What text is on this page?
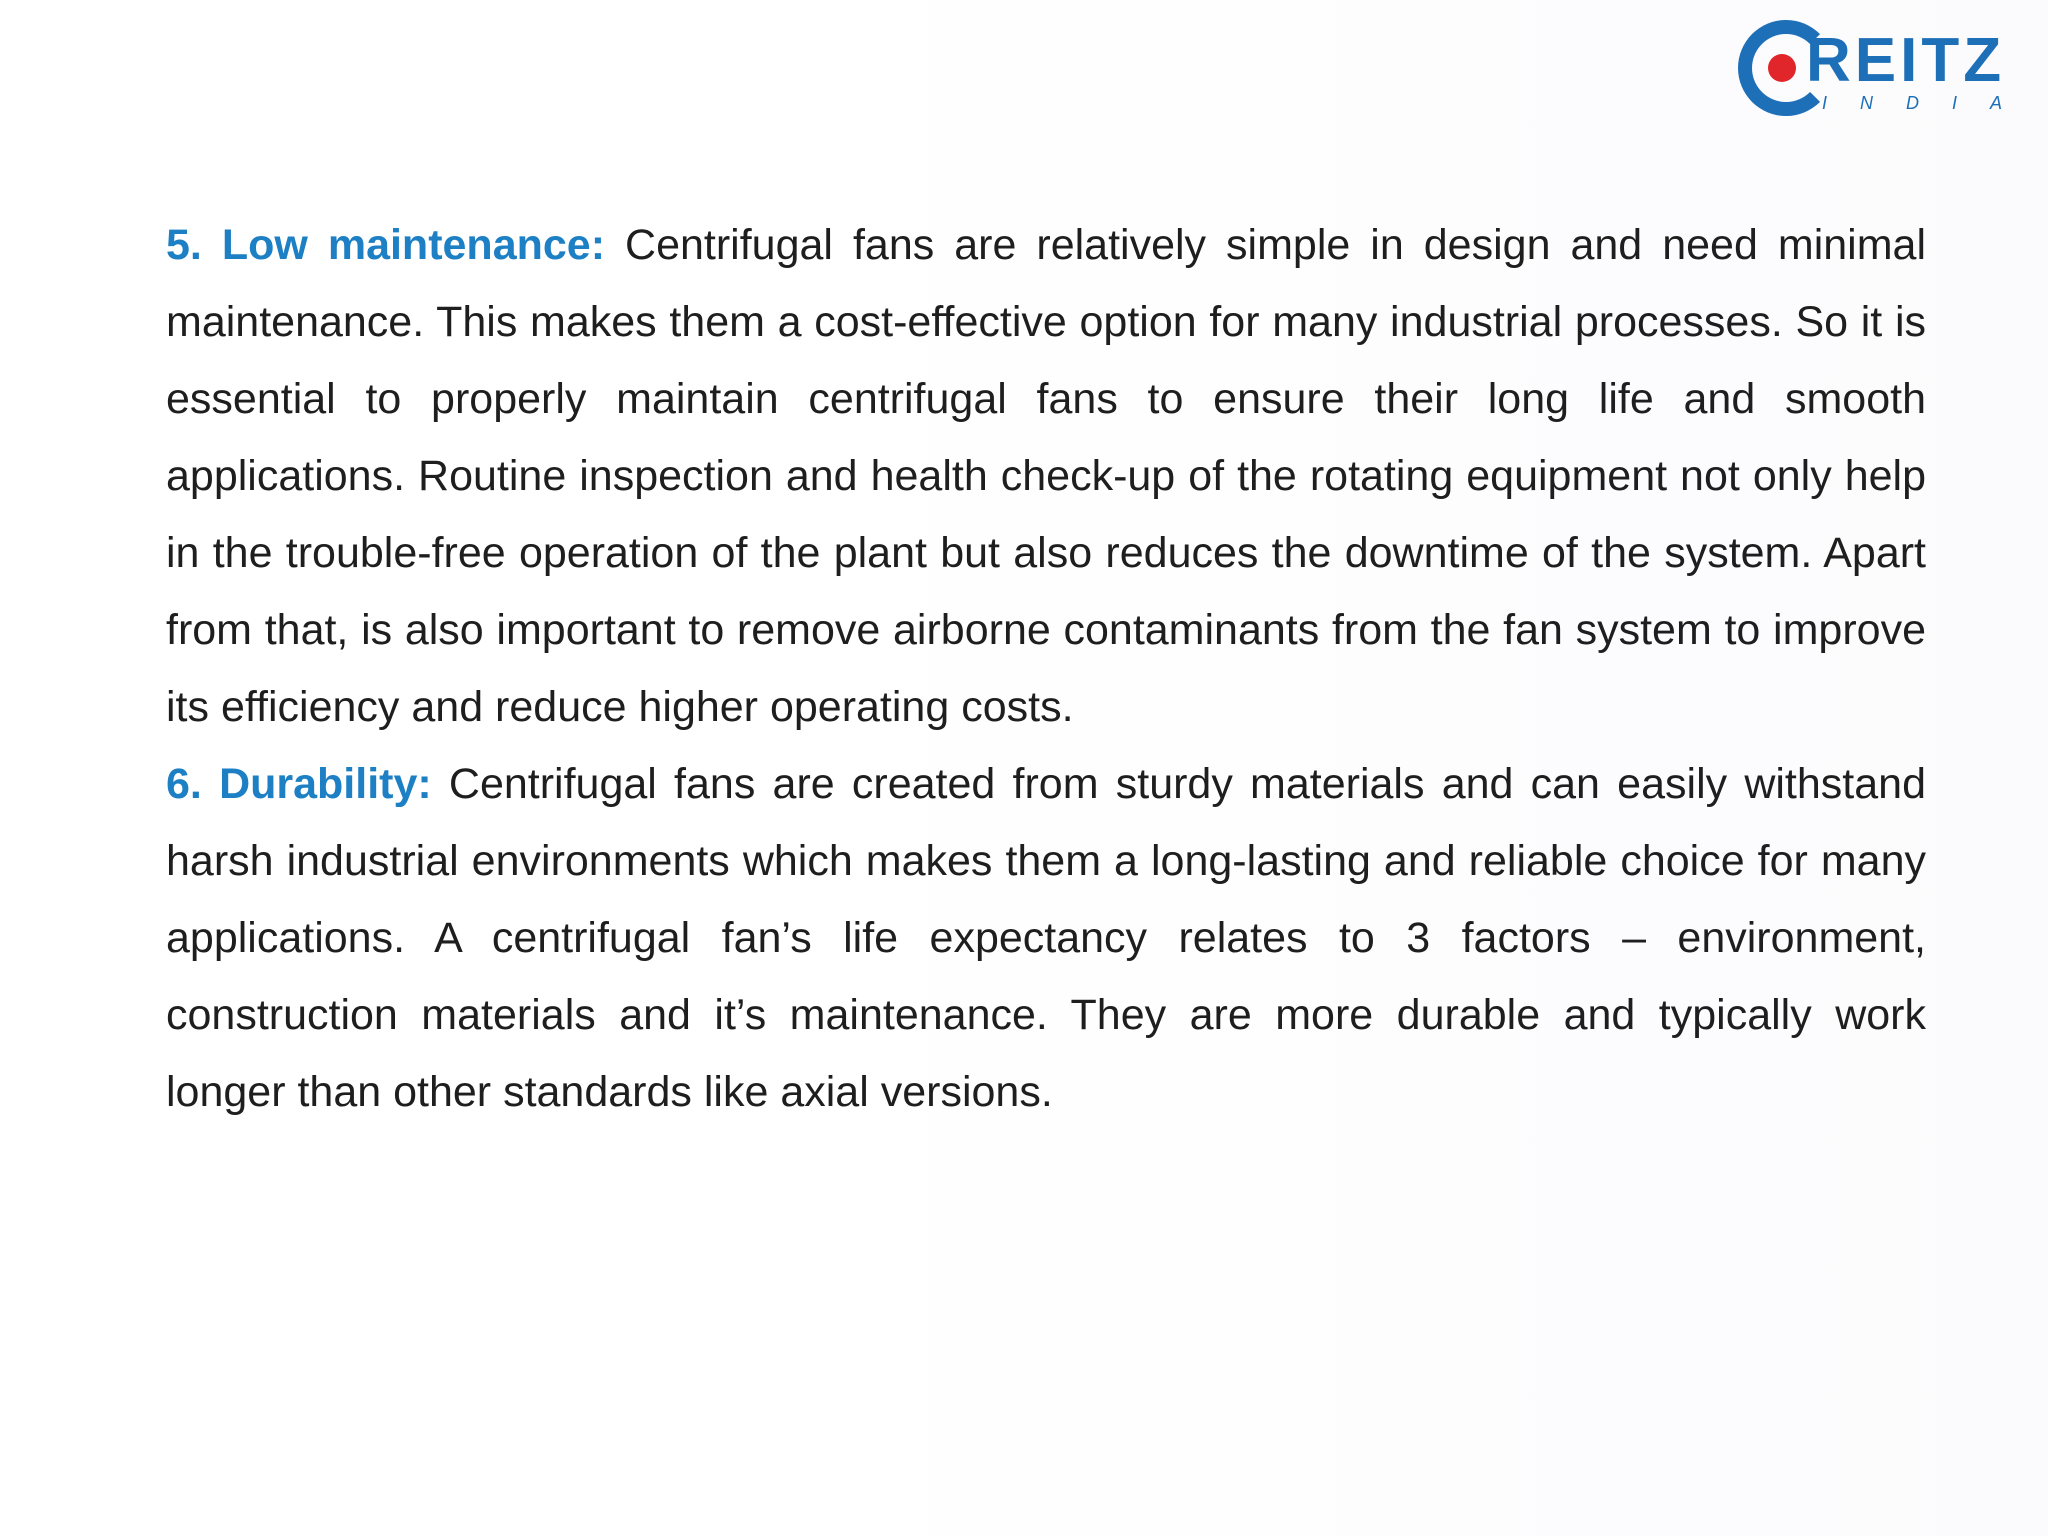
REITZ
INDIA

5. Low maintenance: Centrifugal fans are relatively simple in design and need minimal maintenance. This makes them a cost-effective option for many industrial processes. So it is essential to properly maintain centrifugal fans to ensure their long life and smooth applications. Routine inspection and health check-up of the rotating equipment not only help in the trouble-free operation of the plant but also reduces the downtime of the system. Apart from that, is also important to remove airborne contaminants from the fan system to improve its efficiency and reduce higher operating costs.

6. Durability: Centrifugal fans are created from sturdy materials and can easily withstand harsh industrial environments which makes them a long-lasting and reliable choice for many applications. A centrifugal fan’s life expectancy relates to 3 factors – environment, construction materials and it’s maintenance. They are more durable and typically work longer than other standards like axial versions.
